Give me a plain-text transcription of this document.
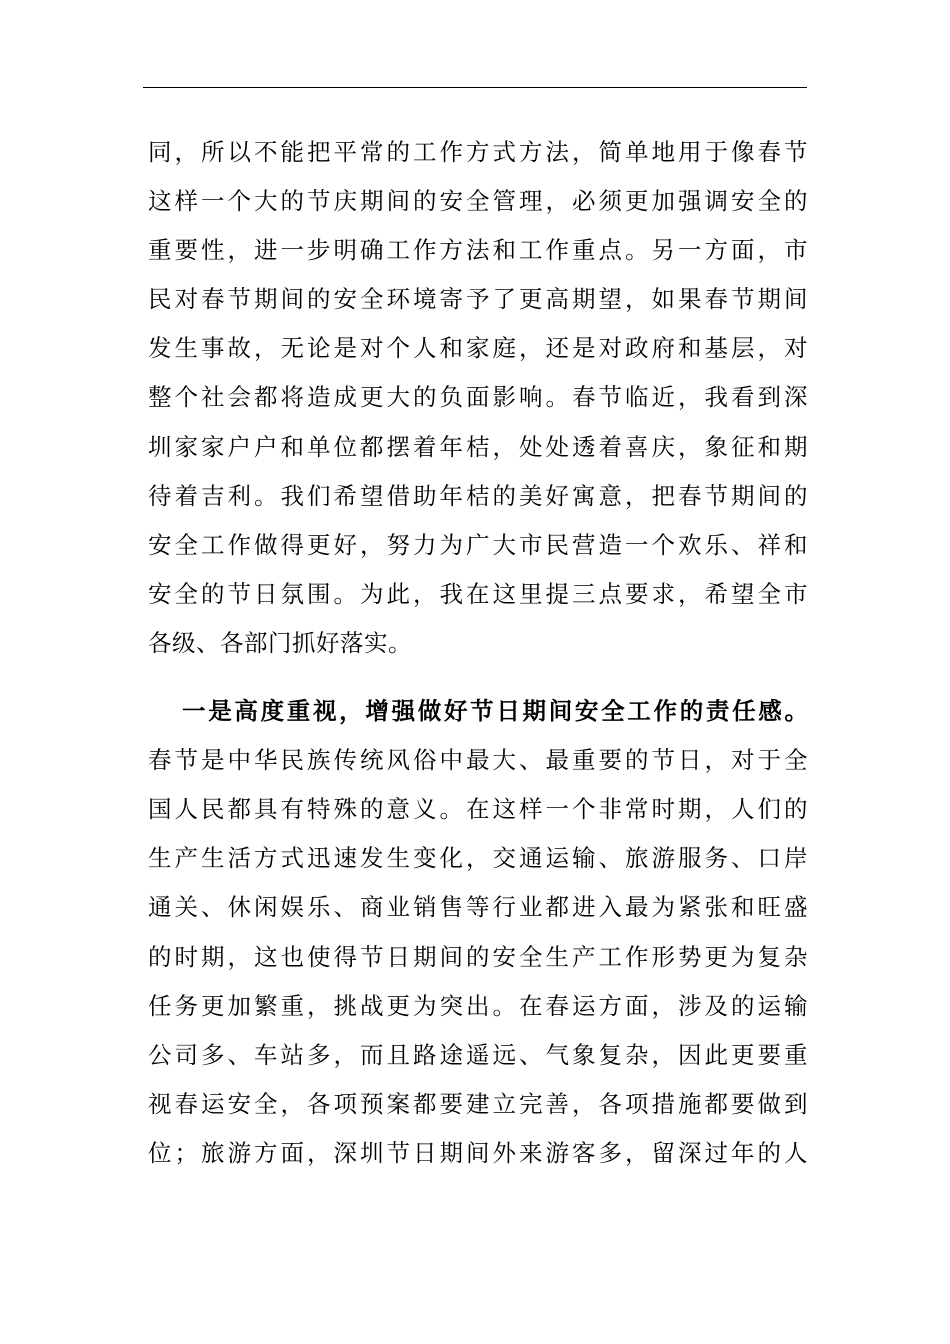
同，所以不能把平常的工作方式方法，简单地用于像春节
这样一个大的节庆期间的安全管理，必须更加强调安全的
重要性，进一步明确工作方法和工作重点。另一方面，市
民对春节期间的安全环境寄予了更高期望，如果春节期间
发生事故，无论是对个人和家庭，还是对政府和基层，对
整个社会都将造成更大的负面影响。春节临近，我看到深
圳家家户户和单位都摆着年桔，处处透着喜庆，象征和期
待着吉利。我们希望借助年桔的美好寓意，把春节期间的
安全工作做得更好，努力为广大市民营造一个欢乐、祥和
安全的节日氛围。为此，我在这里提三点要求，希望全市
各级、各部门抓好落实。
一是高度重视，增强做好节日期间安全工作的责任感。
春节是中华民族传统风俗中最大、最重要的节日，对于全
国人民都具有特殊的意义。在这样一个非常时期，人们的
生产生活方式迅速发生变化，交通运输、旅游服务、口岸
通关、休闲娱乐、商业销售等行业都进入最为紧张和旺盛
的时期，这也使得节日期间的安全生产工作形势更为复杂
任务更加繁重，挑战更为突出。在春运方面，涉及的运输
公司多、车站多，而且路途遥远、气象复杂，因此更要重
视春运安全，各项预案都要建立完善，各项措施都要做到
位；旅游方面，深圳节日期间外来游客多，留深过年的人
